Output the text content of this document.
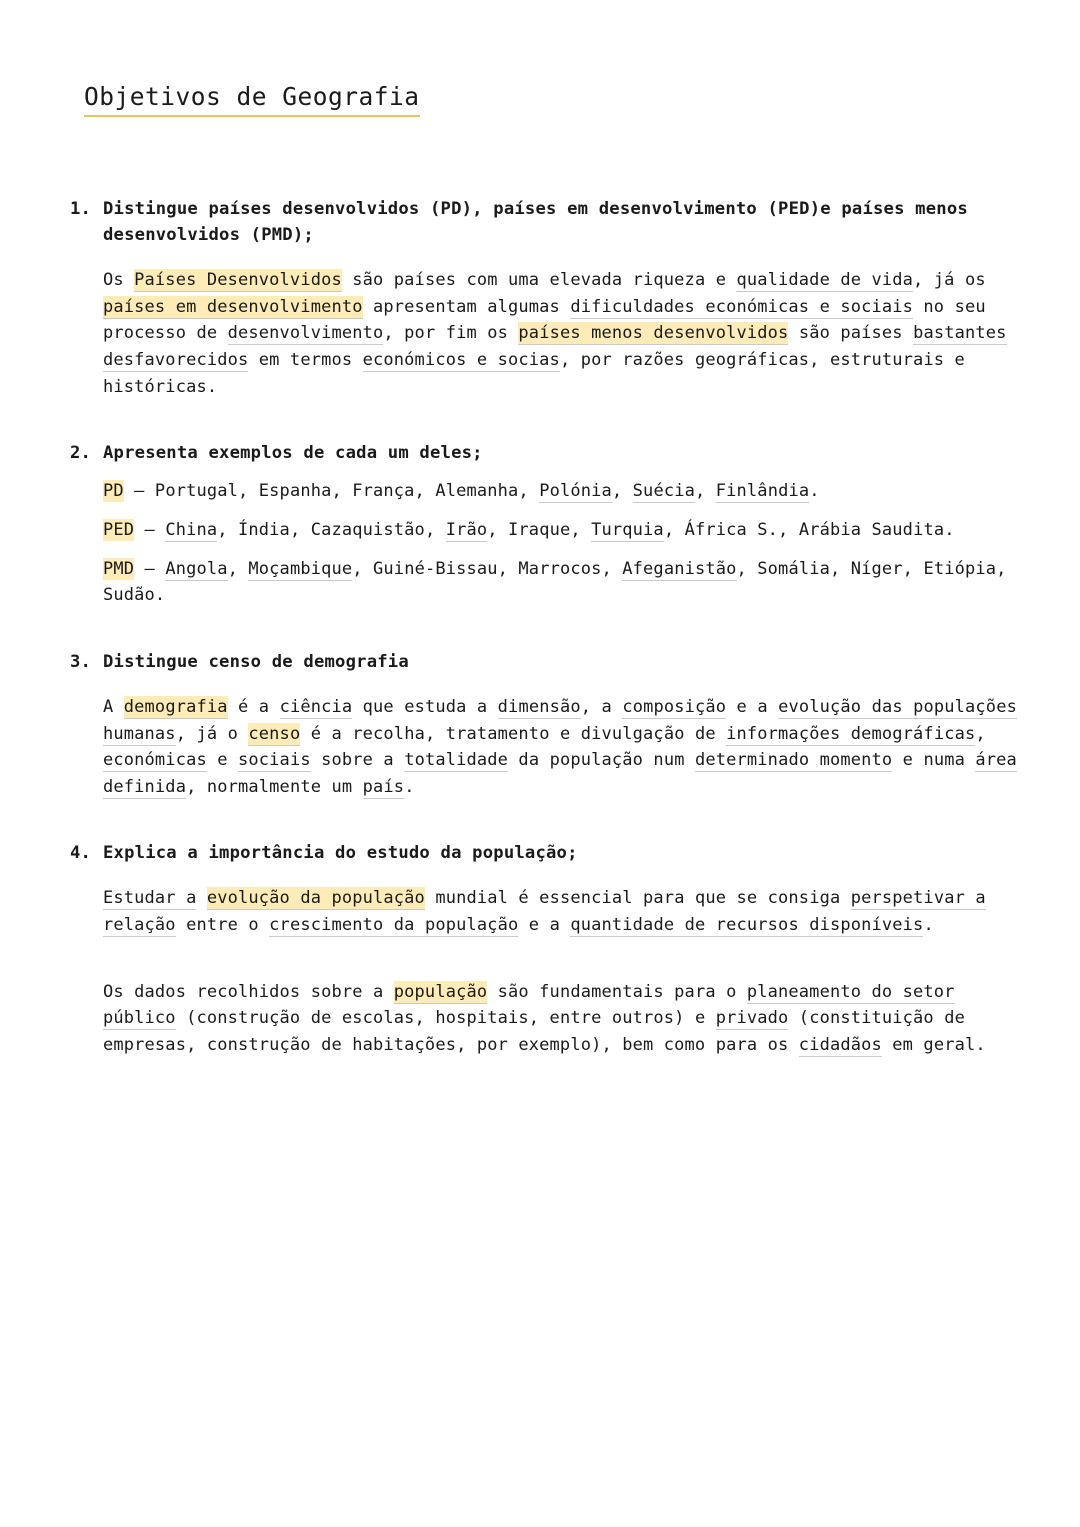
Objetivos de Geografia
1. Distingue países desenvolvidos (PD), países em desenvolvimento (PED)e países menos desenvolvidos (PMD);
Os Países Desenvolvidos são países com uma elevada riqueza e qualidade de vida, já os países em desenvolvimento apresentam algumas dificuldades económicas e sociais no seu processo de desenvolvimento, por fim os países menos desenvolvidos são países bastantes desfavorecidos em termos económicos e socias, por razões geográficas, estruturais e históricas.
2. Apresenta exemplos de cada um deles;
PD – Portugal, Espanha, França, Alemanha, Polónia, Suécia, Finlândia.
PED – China, Índia, Cazaquistão, Irão, Iraque, Turquia, África S., Arábia Saudita.
PMD – Angola, Moçambique, Guiné-Bissau, Marrocos, Afeganistão, Somália, Níger, Etiópia, Sudão.
3. Distingue censo de demografia
A demografia é a ciência que estuda a dimensão, a composição e a evolução das populações humanas, já o censo é a recolha, tratamento e divulgação de informações demográficas, económicas e sociais sobre a totalidade da população num determinado momento e numa área definida, normalmente um país.
4. Explica a importância do estudo da população;
Estudar a evolução da população mundial é essencial para que se consiga perspetivar a relação entre o crescimento da população e a quantidade de recursos disponíveis.
Os dados recolhidos sobre a população são fundamentais para o planeamento do setor público (construção de escolas, hospitais, entre outros) e privado (constituição de empresas, construção de habitações, por exemplo), bem como para os cidadãos em geral.
